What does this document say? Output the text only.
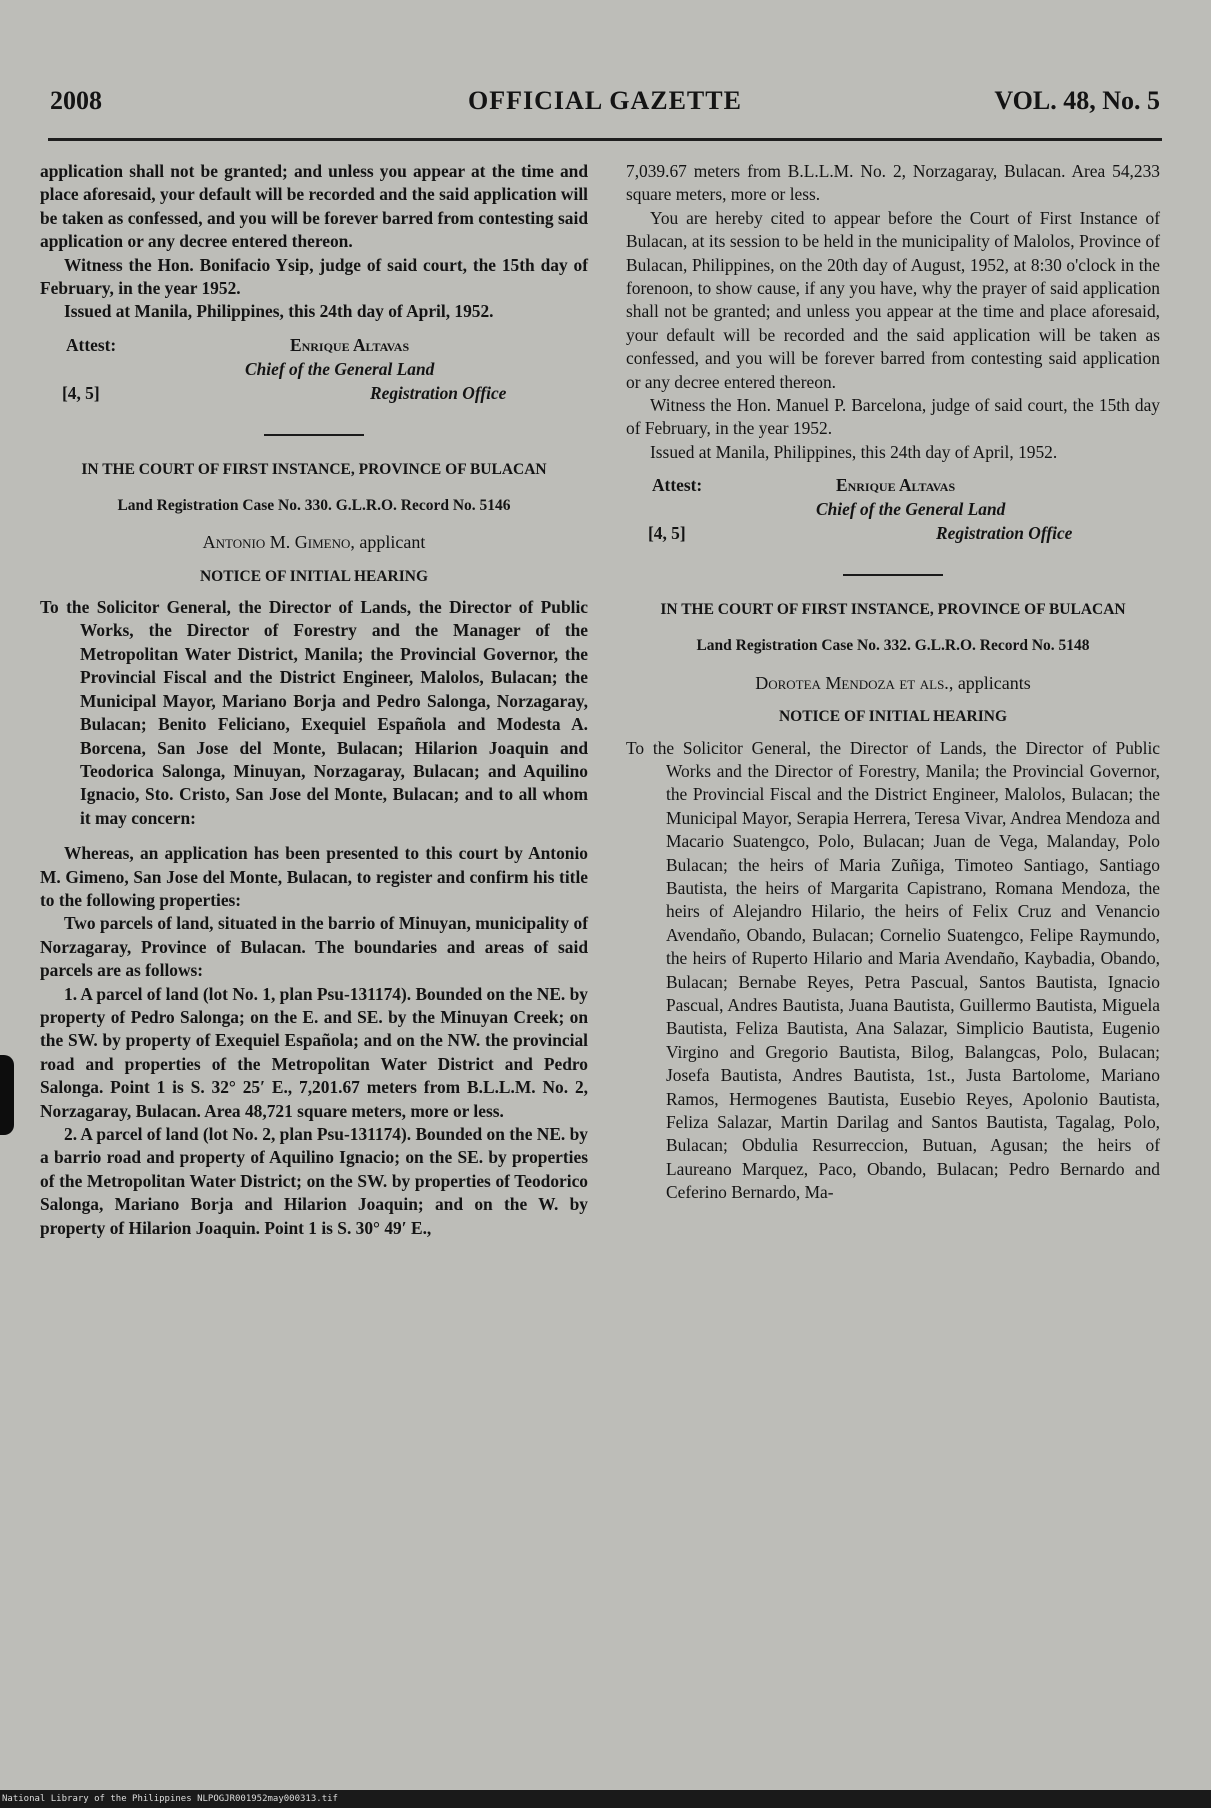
2008	OFFICIAL GAZETTE	VOL. 48, No. 5

application shall not be granted; and unless you appear at the time and place aforesaid, your default will be recorded and the said application will be taken as confessed, and you will be forever barred from contesting said application or any decree entered thereon.

Witness the Hon. Bonifacio Ysip, judge of said court, the 15th day of February, in the year 1952.

Issued at Manila, Philippines, this 24th day of April, 1952.

Attest:	Enrique Altavas
Chief of the General Land
[4, 5]	Registration Office
IN THE COURT OF FIRST INSTANCE, PROVINCE OF BULACAN
Land Registration Case No. 330. G.L.R.O. Record No. 5146
Antonio M. Gimeno, applicant
NOTICE OF INITIAL HEARING

To the Solicitor General, the Director of Lands, the Director of Public Works, the Director of Forestry and the Manager of the Metropolitan Water District, Manila; the Provincial Governor, the Provincial Fiscal and the District Engineer, Malolos, Bulacan; the Municipal Mayor, Mariano Borja and Pedro Salonga, Norzagaray, Bulacan; Benito Feliciano, Exequiel Española and Modesta A. Borcena, San Jose del Monte, Bulacan; Hilarion Joaquin and Teodorica Salonga, Minuyan, Norzagaray, Bulacan; and Aquilino Ignacio, Sto. Cristo, San Jose del Monte, Bulacan; and to all whom it may concern:

Whereas, an application has been presented to this court by Antonio M. Gimeno, San Jose del Monte, Bulacan, to register and confirm his title to the following properties:

Two parcels of land, situated in the barrio of Minuyan, municipality of Norzagaray, Province of Bulacan. The boundaries and areas of said parcels are as follows:

1. A parcel of land (lot No. 1, plan Psu-131174). Bounded on the NE. by property of Pedro Salonga; on the E. and SE. by the Minuyan Creek; on the SW. by property of Exequiel Española; and on the NW. the provincial road and properties of the Metropolitan Water District and Pedro Salonga. Point 1 is S. 32° 25′ E., 7,201.67 meters from B.L.L.M. No. 2, Norzagaray, Bulacan. Area 48,721 square meters, more or less.

2. A parcel of land (lot No. 2, plan Psu-131174). Bounded on the NE. by a barrio road and property of Aquilino Ignacio; on the SE. by properties of the Metropolitan Water District; on the SW. by properties of Teodorico Salonga, Mariano Borja and Hilarion Joaquin; and on the W. by property of Hilarion Joaquin. Point 1 is S. 30° 49′ E.,

7,039.67 meters from B.L.L.M. No. 2, Norzagaray, Bulacan. Area 54,233 square meters, more or less.

You are hereby cited to appear before the Court of First Instance of Bulacan, at its session to be held in the municipality of Malolos, Province of Bulacan, Philippines, on the 20th day of August, 1952, at 8:30 o'clock in the forenoon, to show cause, if any you have, why the prayer of said application shall not be granted; and unless you appear at the time and place aforesaid, your default will be recorded and the said application will be taken as confessed, and you will be forever barred from contesting said application or any decree entered thereon.

Witness the Hon. Manuel P. Barcelona, judge of said court, the 15th day of February, in the year 1952.

Issued at Manila, Philippines, this 24th day of April, 1952.

Attest:	Enrique Altavas
Chief of the General Land
[4, 5]	Registration Office
IN THE COURT OF FIRST INSTANCE, PROVINCE OF BULACAN
Land Registration Case No. 332. G.L.R.O. Record No. 5148
Dorotea Mendoza et als., applicants
NOTICE OF INITIAL HEARING

To the Solicitor General, the Director of Lands, the Director of Public Works and the Director of Forestry, Manila; the Provincial Governor, the Provincial Fiscal and the District Engineer, Malolos, Bulacan; the Municipal Mayor, Serapia Herrera, Teresa Vivar, Andrea Mendoza and Macario Suatengco, Polo, Bulacan; Juan de Vega, Malanday, Polo Bulacan; the heirs of Maria Zuñiga, Timoteo Santiago, Santiago Bautista, the heirs of Margarita Capistrano, Romana Mendoza, the heirs of Alejandro Hilario, the heirs of Felix Cruz and Venancio Avendaño, Obando, Bulacan; Cornelio Suatengco, Felipe Raymundo, the heirs of Ruperto Hilario and Maria Avendaño, Kaybadia, Obando, Bulacan; Bernabe Reyes, Petra Pascual, Santos Bautista, Ignacio Pascual, Andres Bautista, Juana Bautista, Guillermo Bautista, Miguela Bautista, Feliza Bautista, Ana Salazar, Simplicio Bautista, Eugenio Virgino and Gregorio Bautista, Bilog, Balangcas, Polo, Bulacan; Josefa Bautista, Andres Bautista, 1st., Justa Bartolome, Mariano Ramos, Hermogenes Bautista, Eusebio Reyes, Apolonio Bautista, Feliza Salazar, Martin Darilag and Santos Bautista, Tagalag, Polo, Bulacan; Obdulia Resurreccion, Butuan, Agusan; the heirs of Laureano Marquez, Paco, Obando, Bulacan; Pedro Bernardo and Ceferino Bernardo, Ma-

National Library of the Philippines NLPOGJR001952may000313.tif
